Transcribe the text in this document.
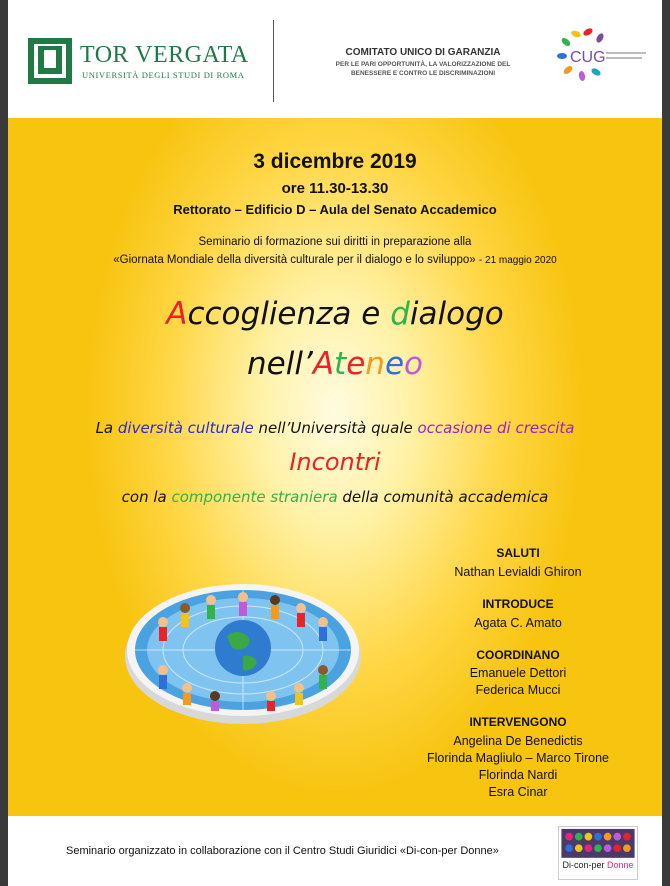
TOR VERGATA
UNIVERSITÀ DEGLI STUDI DI ROMA
COMITATO UNICO DI GARANZIA
PER LE PARI OPPORTUNITÀ, LA VALORIZZAZIONE DEL
BENESSERE E CONTRO LE DISCRIMINAZIONI
CUG
3 dicembre 2019
ore 11.30-13.30
Rettorato – Edificio D – Aula del Senato Accademico
Seminario di formazione sui diritti in preparazione alla
«Giornata Mondiale della diversità culturale per il dialogo e lo sviluppo» - 21 maggio 2020
Accoglienza e dialogo
nell’Ateneo
La diversità culturale nell’Università quale occasione di crescita
Incontri
con la componente straniera della comunità accademica
SALUTI
Nathan Levialdi Ghiron
INTRODUCE
Agata C. Amato
COORDINANO
Emanuele Dettori
Federica Mucci
INTERVENGONO
Angelina De Benedictis
Florinda Magliulo – Marco Tirone
Florinda Nardi
Esra Cinar
Seminario organizzato in collaborazione con il Centro Studi Giuridici «Di-con-per Donne»
Di-con-per Donne
